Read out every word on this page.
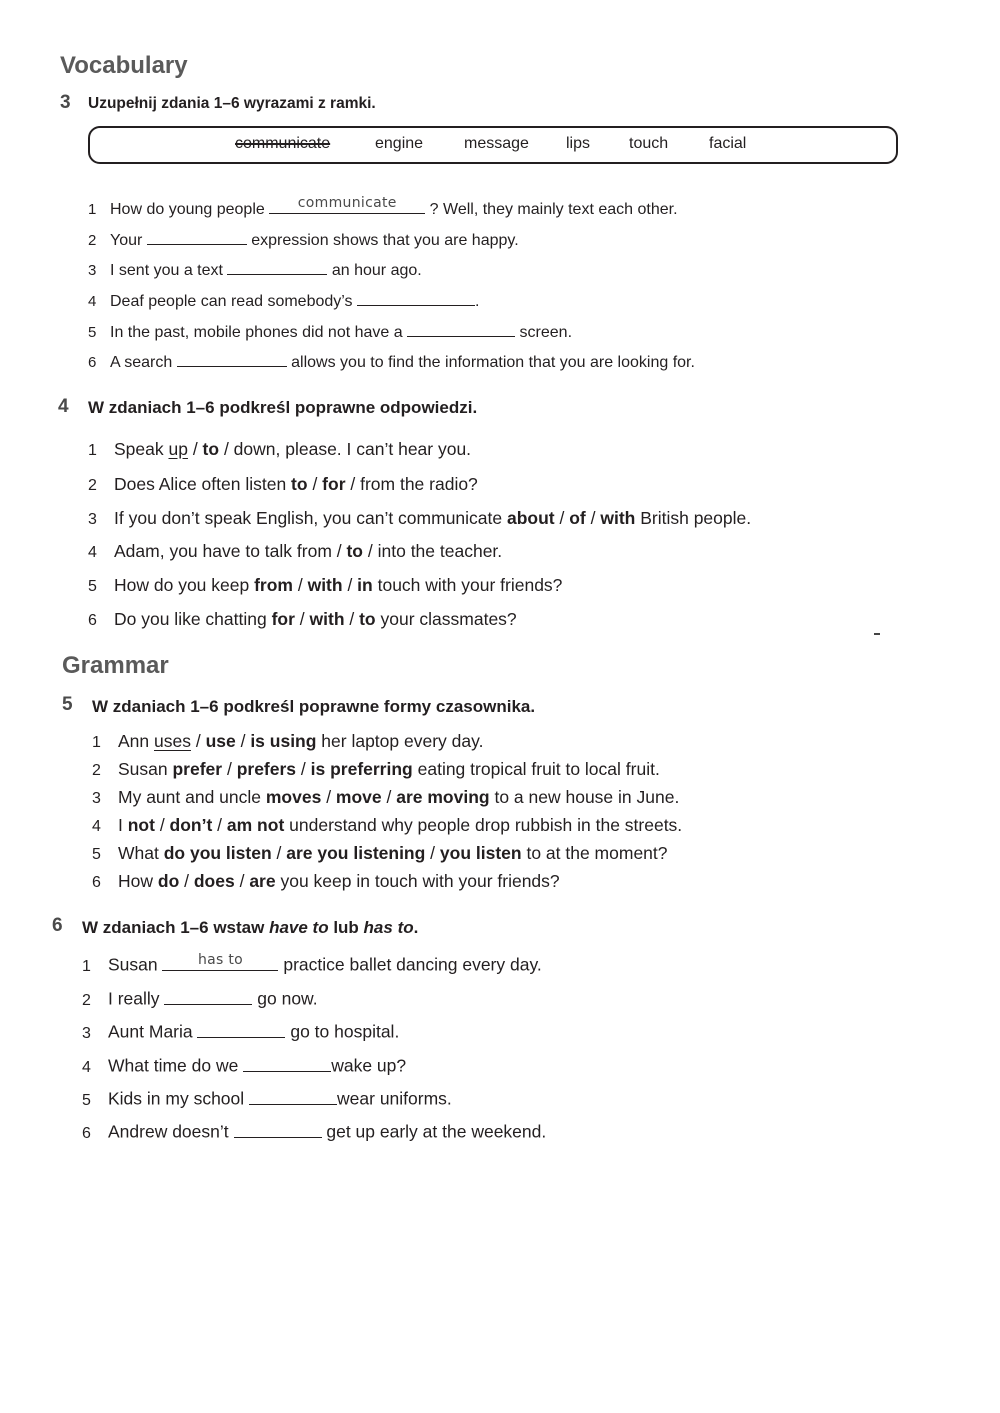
Vocabulary
3 Uzupełnij zdania 1–6 wyrazami z ramki.
communicate	engine	message lips touch	facial
1 How do young people	communicate	? Well, they mainly text each other.
2 Your	expression shows that you are happy.
3 I sent you a text	an hour ago.
4 Deaf people can read somebody’s	.
5 In the past, mobile phones did not have a	screen.
6 A search	allows you to find the information that you are looking for.
4 W zdaniach 1–6 podkreśl poprawne odpowiedzi.
1 Speak up / to / down, please. I can’t hear you.
2 Does Alice often listen to / for / from the radio?
3 If you don’t speak English, you can’t communicate about / of / with British people.
4 Adam, you have to talk from / to / into the teacher.
5 How do you keep from / with / in touch with your friends?
6 Do you like chatting for / with / to your classmates?
Grammar
5 W zdaniach 1–6 podkreśl poprawne formy czasownika.
1 Ann uses / use / is using her laptop every day.
2 Susan prefer / prefers / is preferring eating tropical fruit to local fruit.
3 My aunt and uncle moves / move / are moving to a new house in June.
4 I not / don’t / am not understand why people drop rubbish in the streets.
5 What do you listen / are you listening / you listen to at the moment?
6 How do / does / are you keep in touch with your friends?
6 W zdaniach 1–6 wstaw have to lub has to.
1 Susan	has to	practice ballet dancing every day.
2 I really	go now.
3 Aunt Maria	go to hospital.
4 What time do we	wake up?
5 Kids in my school	wear uniforms.
6 Andrew doesn’t	get up early at the weekend.
